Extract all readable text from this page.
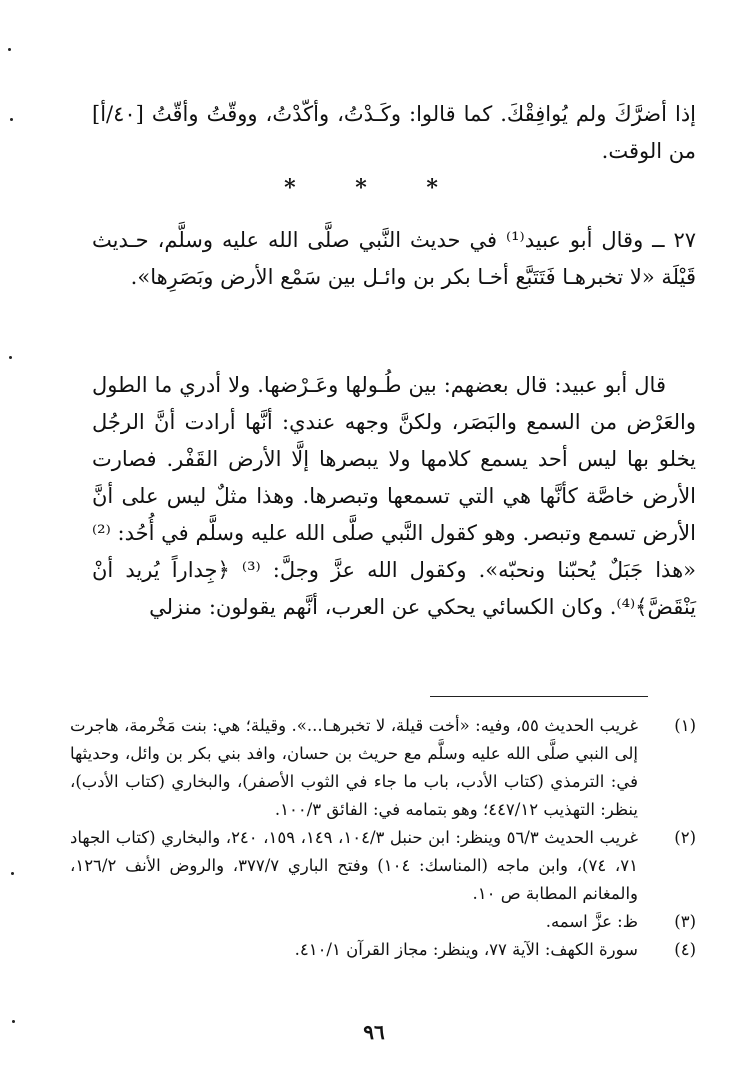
إذا أضرَّكَ ولم يُوافِقْكَ. كما قالوا: وكَـدْتُ، وأكّدْتُ، ووقّتُ وأقّتُ [٤٠/أ] من الوقت.

* * *

٢٧ ــ وقال أبو عبيد⁽¹⁾ في حديث النَّبي صلَّى الله عليه وسلَّم، حـديث قَيْلَة «لا تخبرهـا فَتَتَبَّع أخـا بكر بن وائـل بين سَمْع الأرض وبَصَرِها».

قال أبو عبيد: قال بعضهم: بين طُـولها وعَـرْضها. ولا أدري ما الطول والعَرْض من السمع والبَصَر، ولكنَّ وجهه عندي: أنَّها أرادت أنَّ الرجُل يخلو بها ليس أحد يسمع كلامها ولا يبصرها إلَّا الأرض القَفْر. فصارت الأرض خاصَّة كأنَّها هي التي تسمعها وتبصرها. وهذا مثلٌ ليس على أنَّ الأرض تسمع وتبصر. وهو كقول النَّبي صلَّى الله عليه وسلَّم في أُحُد: ⁽²⁾ «هذا جَبَلٌ يُحبّنا ونحبّه». وكقول الله عزَّ وجلَّ: ⁽³⁾ ﴿جِداراً يُريد أنْ يَنْقَضَّ﴾⁽⁴⁾. وكان الكسائي يحكي عن العرب، أنَّهم يقولون: منزلي

(١)
غريب الحديث ٥٥، وفيه: «أخت قيلة، لا تخبرهـا...». وقيلة؛ هي: بنت مَخْرمة، هاجرت إلى النبي صلَّى الله عليه وسلَّم مع حريث بن حسان، وافد بني بكر بن وائل، وحديثها في: الترمذي (كتاب الأدب، باب ما جاء في الثوب الأصفر)، والبخاري (كتاب الأدب)، ينظر: التهذيب ٤٤٧/١٢؛ وهو بتمامه في: الفائق ١٠٠/٣.
(٢)
غريب الحديث ٥٦/٣ وينظر: ابن حنبل ١٠٤/٣، ١٤٩، ١٥٩، ٢٤٠، والبخاري (كتاب الجهاد ٧١، ٧٤)، وابن ماجه (المناسك: ١٠٤) وفتح الباري ٣٧٧/٧، والروض الأنف ١٢٦/٢، والمغانم المطابة ص ١٠.
(٣)
ظ: عزَّ اسمه.
(٤)
سورة الكهف: الآية ٧٧، وينظر: مجاز القرآن ٤١٠/١.
٩٦
